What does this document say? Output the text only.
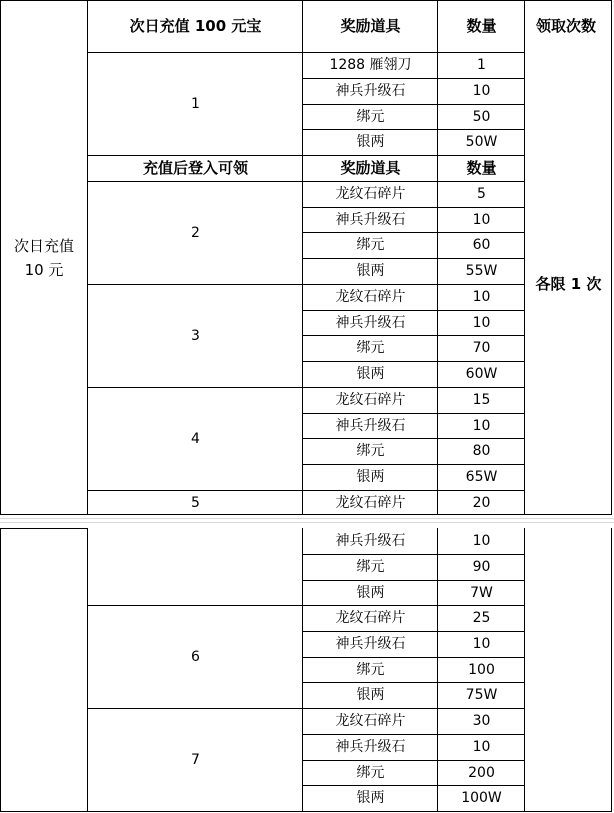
次日充值 100 元宝	奖励道具	数量	领取次数
次日充值 10 元
各限 1 次
1
1288 雁翎刀	1
神兵升级石	10
绑元	50
银两	50W
充值后登入可领	奖励道具	数量
2
龙纹石碎片	5
神兵升级石	10
绑元	60
银两	55W
3
龙纹石碎片	10
神兵升级石	10
绑元	70
银两	60W
4
龙纹石碎片	15
神兵升级石	10
绑元	80
银两	65W
5	龙纹石碎片	20
神兵升级石	10
绑元	90
银两	7W
6
龙纹石碎片	25
神兵升级石	10
绑元	100
银两	75W
7
龙纹石碎片	30
神兵升级石	10
绑元	200
银两	100W
